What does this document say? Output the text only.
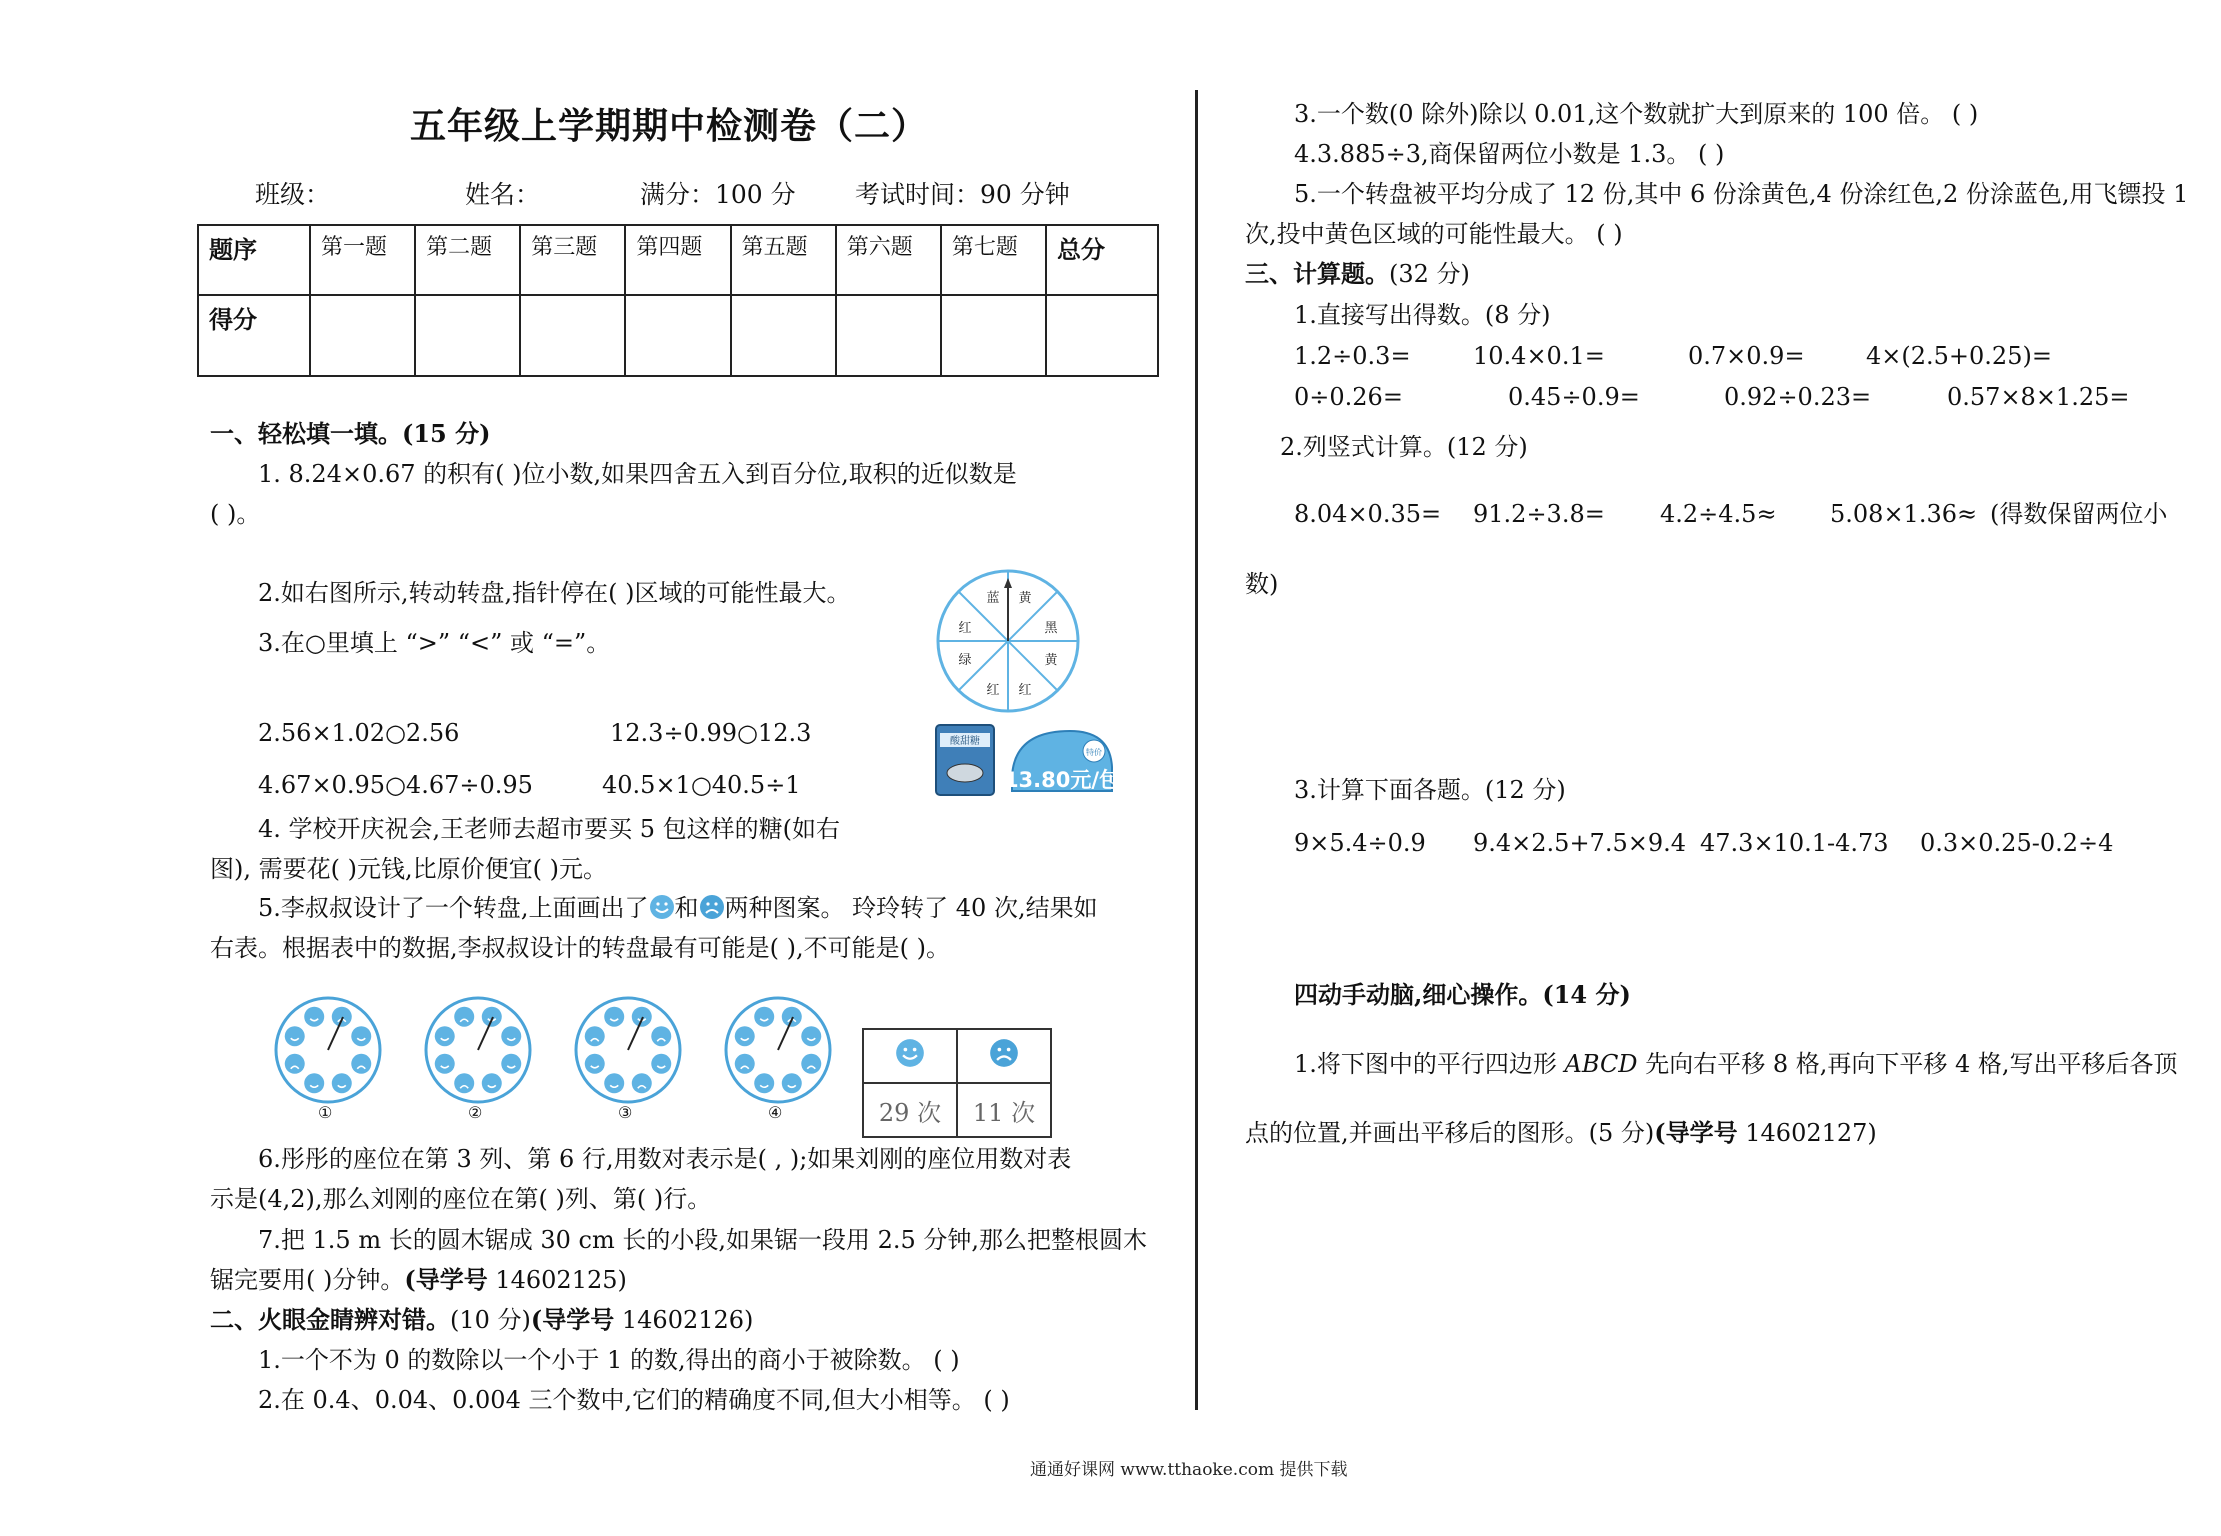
五年级上学期期中检测卷（二）
班级：	姓名：	满分：100 分 考试时间：90 分钟
题序	第一题	第二题	第三题	第四题	第五题	第六题	第七题	总分
得分								
一、轻松填一填。(15 分)
1. 8.24×0.67 的积有( )位小数,如果四舍五入到百分位,取积的近似数是
( )。
2.如右图所示,转动转盘,指针停在( )区域的可能性最大。
3.在○里填上 “>” “<” 或 “=”。
2.56×1.02○2.56	12.3÷0.99○12.3
4.67×0.95○4.67÷0.95	40.5×1○40.5÷1
4. 学校开庆祝会,王老师去超市要买 5 包这样的糖(如右
图), 需要花( )元钱,比原价便宜( )元。
5.李叔叔设计了一个转盘,上面画出了 和 两种图案。 玲玲转了 40 次,结果如
右表。根据表中的数据,李叔叔设计的转盘最有可能是( ),不可能是( )。
蓝 黄
黑
黄
红
红
绿
红
酸甜糖
13.80元/包
特价
①	②	③	④
		29 次	11 次
6.彤彤的座位在第 3 列、第 6 行,用数对表示是( , );如果刘刚的座位用数对表
示是(4,2),那么刘刚的座位在第( )列、第( )行。
7.把 1.5 m 长的圆木锯成 30 cm 长的小段,如果锯一段用 2.5 分钟,那么把整根圆木
锯完要用( )分钟。(导学号 14602125)
二、火眼金睛辨对错。(10 分)(导学号 14602126)
1.一个不为 0 的数除以一个小于 1 的数,得出的商小于被除数。 ( )
2.在 0.4、0.04、0.004 三个数中,它们的精确度不同,但大小相等。 ( )
3.一个数(0 除外)除以 0.01,这个数就扩大到原来的 100 倍。 ( )
4.3.885÷3,商保留两位小数是 1.3。 ( )
5.一个转盘被平均分成了 12 份,其中 6 份涂黄色,4 份涂红色,2 份涂蓝色,用飞镖投 1
次,投中黄色区域的可能性最大。 ( )
三、计算题。(32 分)
1.直接写出得数。(8 分)
1.2÷0.3=	10.4×0.1=	0.7×0.9=	4×(2.5+0.25)=
0÷0.26=	0.45÷0.9=	0.92÷0.23=	0.57×8×1.25=
2.列竖式计算。(12 分)
8.04×0.35= 91.2÷3.8= 4.2÷4.5≈ 5.08×1.36≈ (得数保留两位小
数)
3.计算下面各题。(12 分)
9×5.4÷0.9 9.4×2.5+7.5×9.4 47.3×10.1-4.73 0.3×0.25-0.2÷4
四动手动脑,细心操作。(14 分)
1.将下图中的平行四边形 ABCD 先向右平移 8 格,再向下平移 4 格,写出平移后各顶
点的位置,并画出平移后的图形。(5 分)(导学号 14602127)
通通好课网 www.tthaoke.com 提供下载
